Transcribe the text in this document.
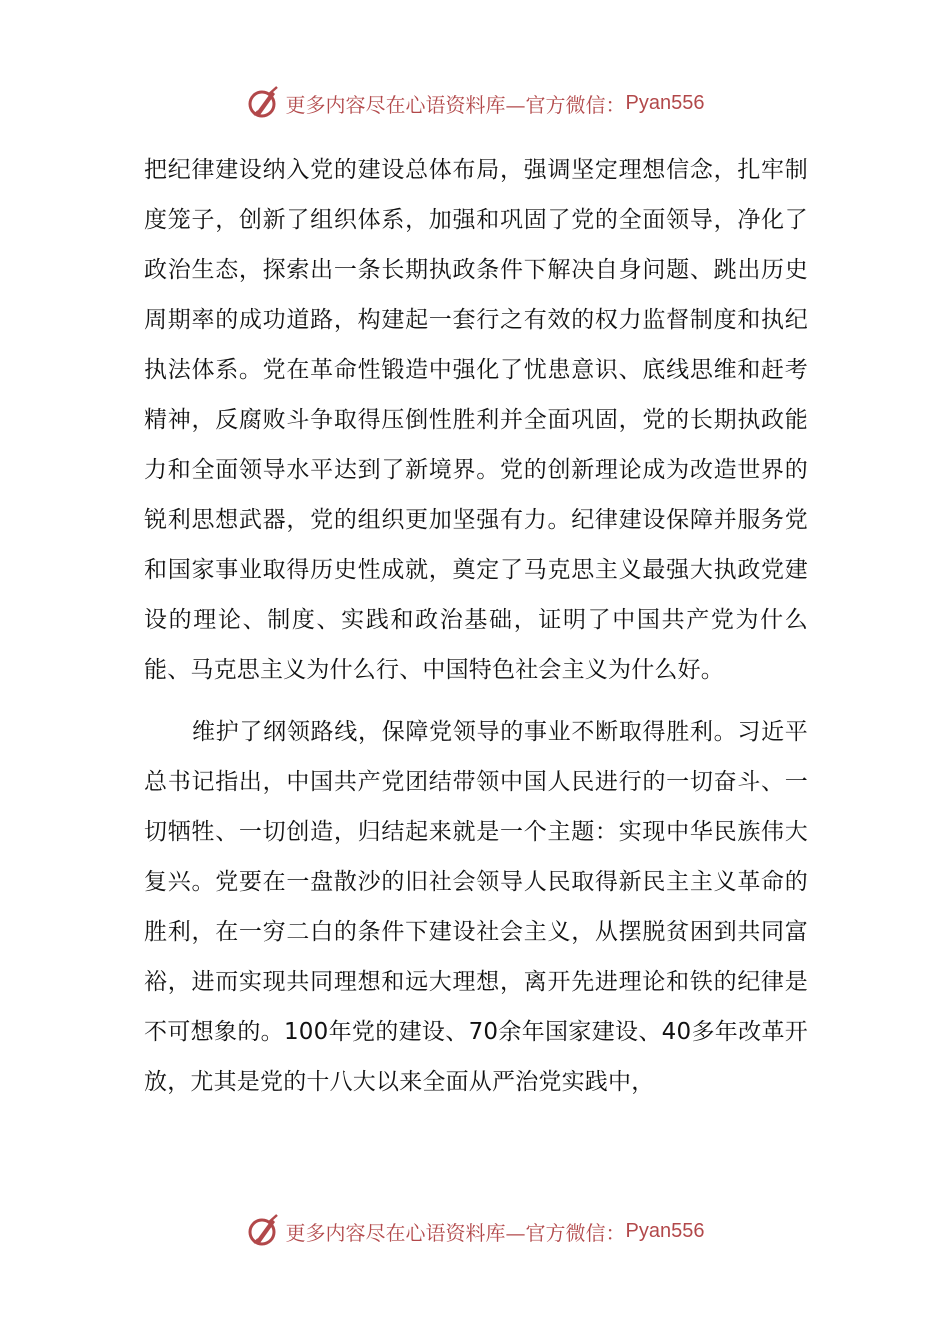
更多内容尽在心语资料库—官方微信： Pyan556

把纪律建设纳入党的建设总体布局，强调坚定理想信念，扎牢制度笼子，创新了组织体系，加强和巩固了党的全面领导，净化了政治生态，探索出一条长期执政条件下解决自身问题、跳出历史周期率的成功道路，构建起一套行之有效的权力监督制度和执纪执法体系。党在革命性锻造中强化了忧患意识、底线思维和赶考精神，反腐败斗争取得压倒性胜利并全面巩固，党的长期执政能力和全面领导水平达到了新境界。党的创新理论成为改造世界的锐利思想武器，党的组织更加坚强有力。纪律建设保障并服务党和国家事业取得历史性成就，奠定了马克思主义最强大执政党建设的理论、制度、实践和政治基础，证明了中国共产党为什么能、马克思主义为什么行、中国特色社会主义为什么好。

维护了纲领路线，保障党领导的事业不断取得胜利。习近平总书记指出，中国共产党团结带领中国人民进行的一切奋斗、一切牺牲、一切创造，归结起来就是一个主题：实现中华民族伟大复兴。党要在一盘散沙的旧社会领导人民取得新民主主义革命的胜利，在一穷二白的条件下建设社会主义，从摆脱贫困到共同富裕，进而实现共同理想和远大理想，离开先进理论和铁的纪律是不可想象的。100年党的建设、70余年国家建设、40多年改革开放，尤其是党的十八大以来全面从严治党实践中，

更多内容尽在心语资料库—官方微信： Pyan556
